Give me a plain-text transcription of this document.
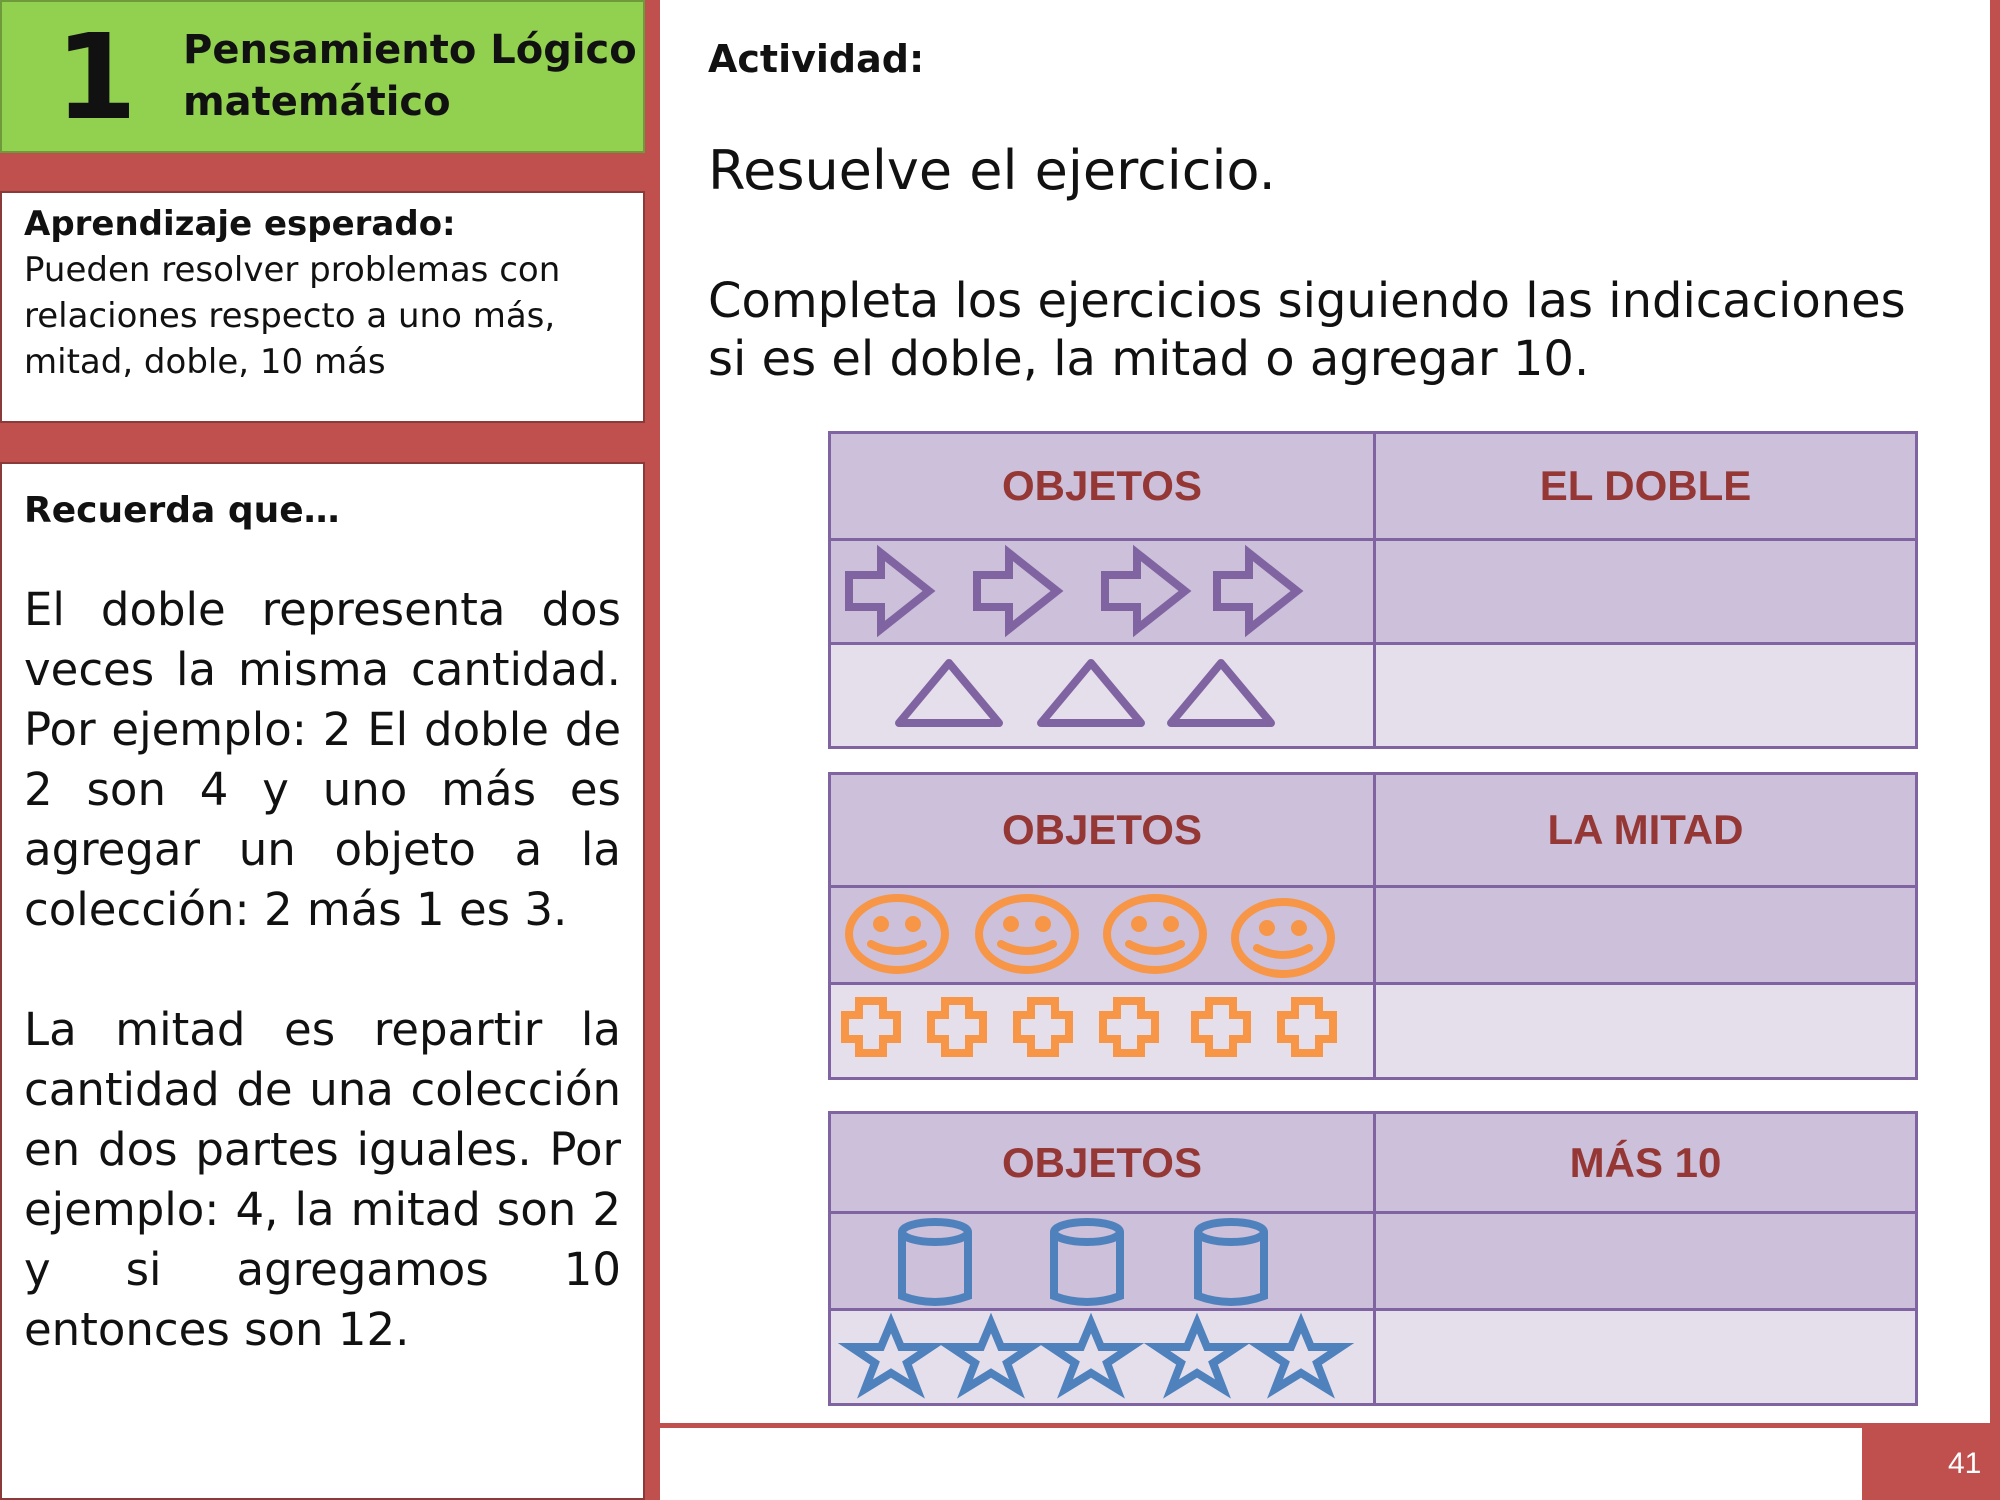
1 Pensamiento Lógico
matemático
Aprendizaje esperado:
Pueden resolver problemas con
relaciones respecto a uno más,
mitad, doble, 10 más
Recuerda que…
El doble representa dos veces la misma cantidad. Por ejemplo: 2 El doble de 2 son 4 y uno más es agregar un objeto a la colección: 2 más 1 es 3.
La mitad es repartir la cantidad de una colección en dos partes iguales. Por ejemplo: 4, la mitad son 2 y si agregamos 10 entonces son 12.
Actividad:
Resuelve el ejercicio.
Completa los ejercicios siguiendo las indicaciones
si es el doble, la mitad o agregar 10.
OBJETOS	EL DOBLE
OBJETOS	LA MITAD
OBJETOS	MÁS 10
41
